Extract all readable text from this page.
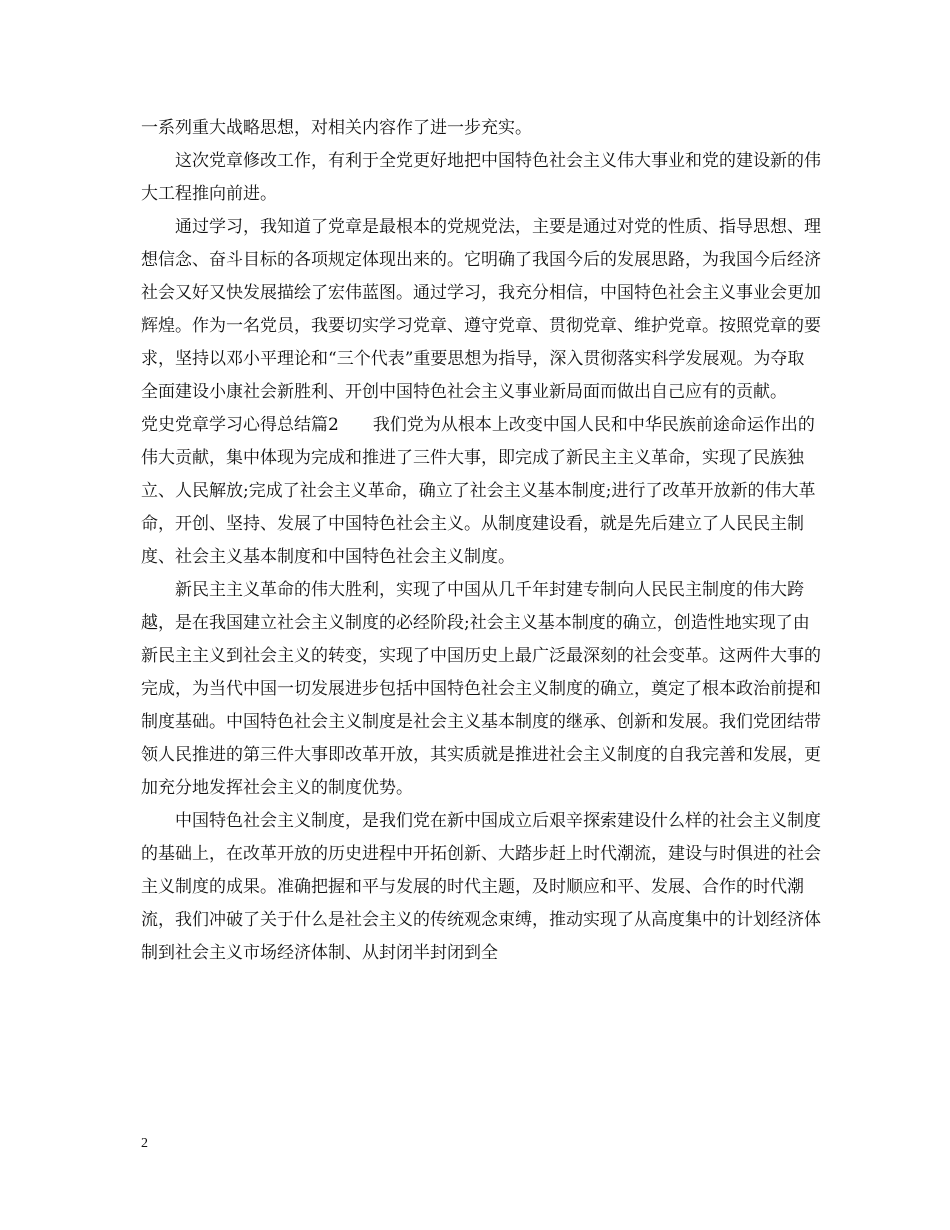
一系列重大战略思想，对相关内容作了进一步充实。

这次党章修改工作，有利于全党更好地把中国特色社会主义伟大事业和党的建设新的伟大工程推向前进。

通过学习，我知道了党章是最根本的党规党法，主要是通过对党的性质、指导思想、理想信念、奋斗目标的各项规定体现出来的。它明确了我国今后的发展思路，为我国今后经济社会又好又快发展描绘了宏伟蓝图。通过学习，我充分相信，中国特色社会主义事业会更加辉煌。作为一名党员，我要切实学习党章、遵守党章、贯彻党章、维护党章。按照党章的要求，坚持以邓小平理论和“三个代表”重要思想为指导，深入贯彻落实科学发展观。为夺取全面建设小康社会新胜利、开创中国特色社会主义事业新局面而做出自己应有的贡献。

党史党章学习心得总结篇2   我们党为从根本上改变中国人民和中华民族前途命运作出的伟大贡献，集中体现为完成和推进了三件大事，即完成了新民主主义革命，实现了民族独立、人民解放;完成了社会主义革命，确立了社会主义基本制度;进行了改革开放新的伟大革命，开创、坚持、发展了中国特色社会主义。从制度建设看，就是先后建立了人民民主制度、社会主义基本制度和中国特色社会主义制度。

新民主主义革命的伟大胜利，实现了中国从几千年封建专制向人民民主制度的伟大跨越，是在我国建立社会主义制度的必经阶段;社会主义基本制度的确立，创造性地实现了由新民主主义到社会主义的转变，实现了中国历史上最广泛最深刻的社会变革。这两件大事的完成，为当代中国一切发展进步包括中国特色社会主义制度的确立，奠定了根本政治前提和制度基础。中国特色社会主义制度是社会主义基本制度的继承、创新和发展。我们党团结带领人民推进的第三件大事即改革开放，其实质就是推进社会主义制度的自我完善和发展，更加充分地发挥社会主义的制度优势。

中国特色社会主义制度，是我们党在新中国成立后艰辛探索建设什么样的社会主义制度的基础上，在改革开放的历史进程中开拓创新、大踏步赶上时代潮流，建设与时俱进的社会主义制度的成果。准确把握和平与发展的时代主题，及时顺应和平、发展、合作的时代潮流，我们冲破了关于什么是社会主义的传统观念束缚，推动实现了从高度集中的计划经济体制到社会主义市场经济体制、从封闭半封闭到全

2
